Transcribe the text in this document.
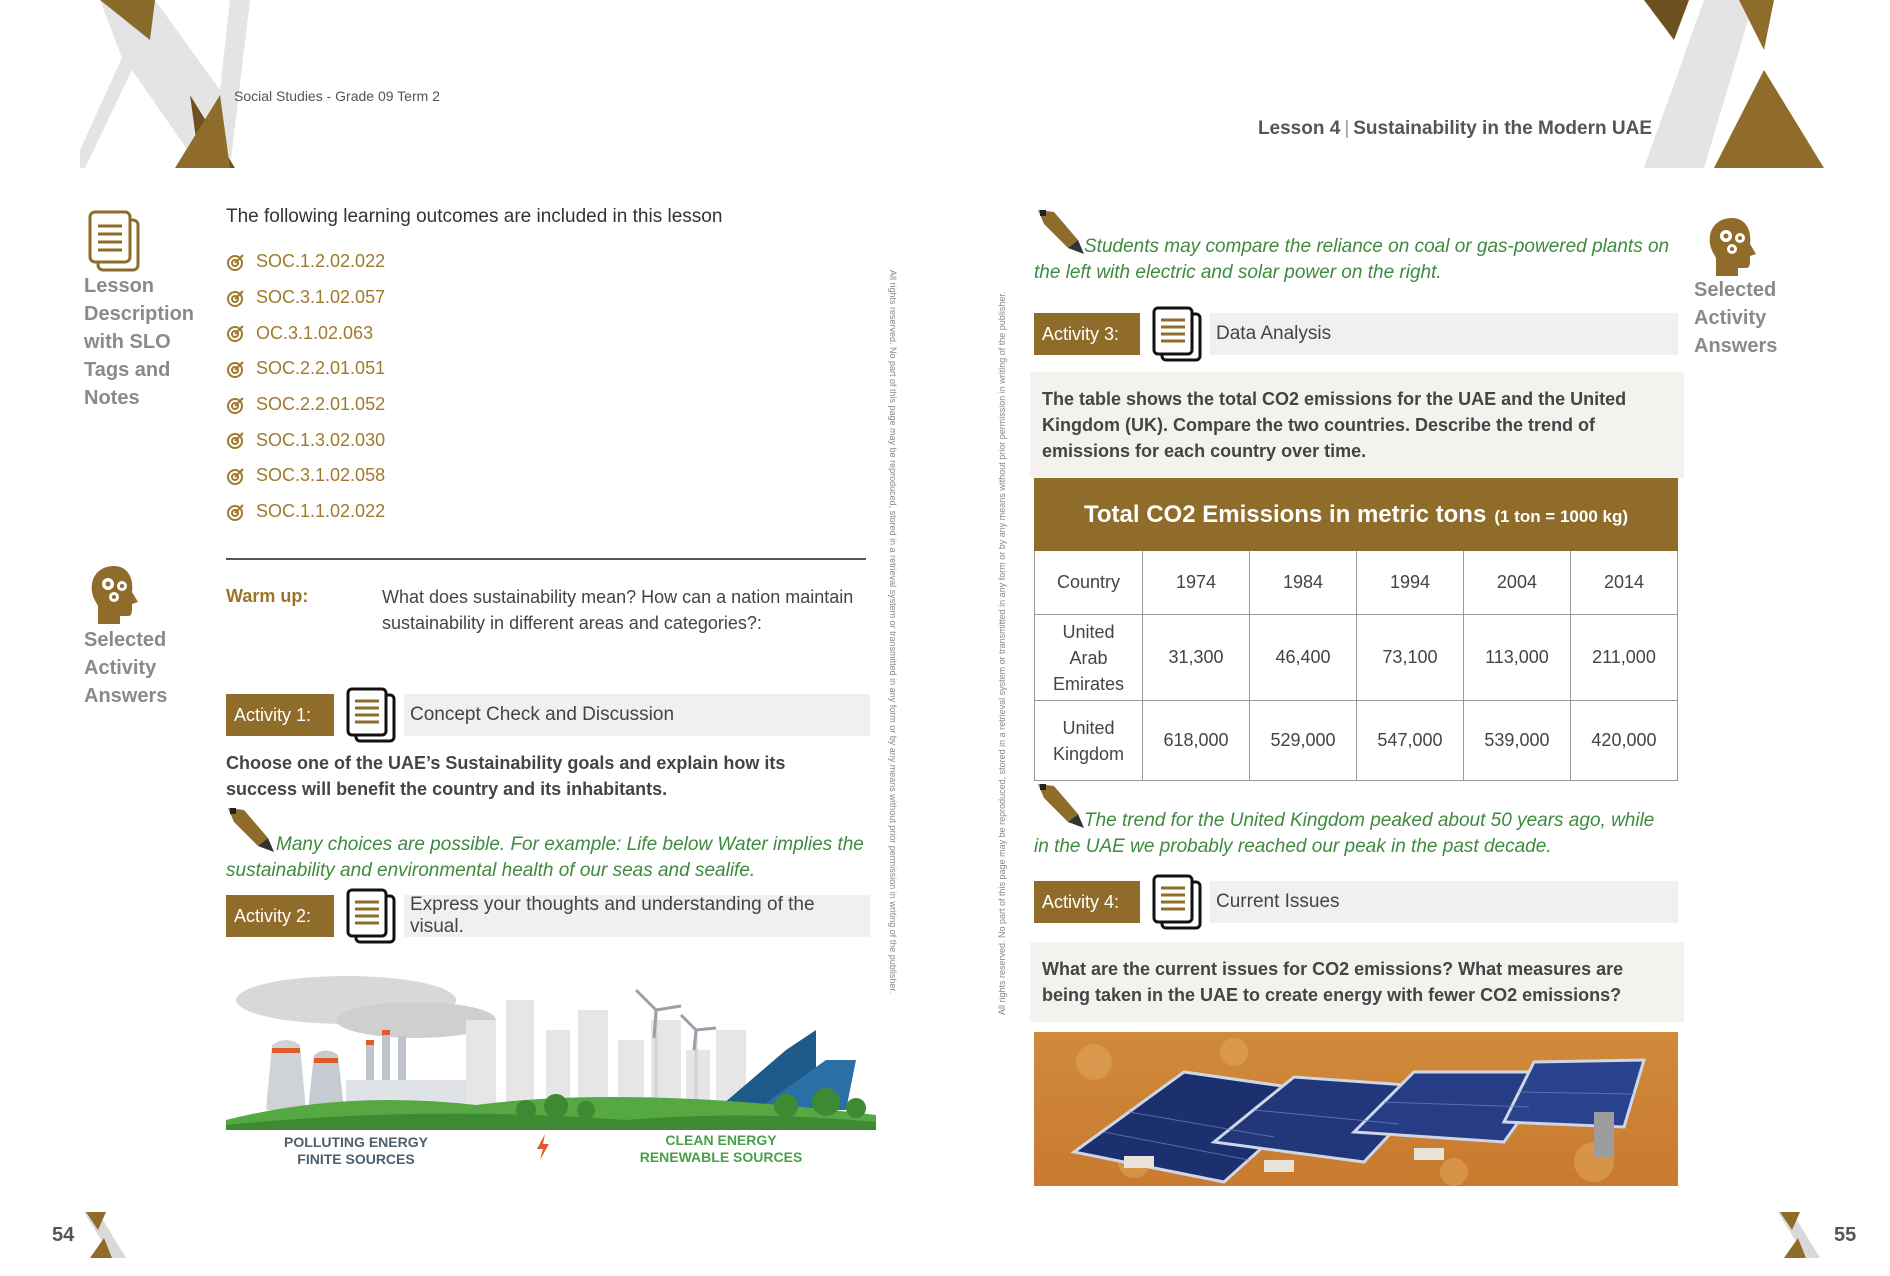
Social Studies - Grade 09 Term 2
Lesson 4 | Sustainability in the Modern UAE
Lesson
Description
with SLO
Tags and
Notes
The following learning outcomes are included in this lesson
SOC.1.2.02.022
SOC.3.1.02.057
OC.3.1.02.063
SOC.2.2.01.051
SOC.2.2.01.052
SOC.1.3.02.030
SOC.3.1.02.058
SOC.1.1.02.022
Selected
Activity
Answers
Warm up:	What does sustainability mean? How can a nation maintain sustainability in different areas and categories?:
Activity 1:	Concept Check and Discussion
Choose one of the UAE’s Sustainability goals and explain how its success will benefit the country and its inhabitants.
Many choices are possible. For example: Life below Water implies the sustainability and environmental health of our seas and sealife.
Activity 2:
Express your thoughts and understanding of the visual.
POLLUTING ENERGY
FINITE SOURCES
CLEAN ENERGY
RENEWABLE SOURCES
All rights reserved. No part of this page may be reproduced, stored in a retrieval system or transmitted in any form or by any means without prior permission in writing of the publisher.	All rights reserved. No part of this page may be reproduced, stored in a retrieval system or transmitted in any form or by any means without prior permission in writing of the publisher.
54
Students may compare the reliance on coal or gas-powered plants on the left with electric and solar power on the right.
Activity 3:	Data Analysis
The table shows the total CO2 emissions for the UAE and the United Kingdom (UK). Compare the two countries. Describe the trend of emissions for each country over time.
Total CO2 Emissions in metric tons (1 ton = 1000 kg)					
Country	1974	1984	1994	2004	2014
United Arab Emirates	31,300	46,400	73,100	113,000	211,000
United Kingdom	618,000	529,000	547,000	539,000	420,000
The trend for the United Kingdom peaked about 50 years ago, while in the UAE we probably reached our peak in the past decade.
Activity 4:	Current Issues
What are the current issues for CO2 emissions? What measures are being taken in the UAE to create energy with fewer CO2 emissions?
Selected
Activity
Answers
55
